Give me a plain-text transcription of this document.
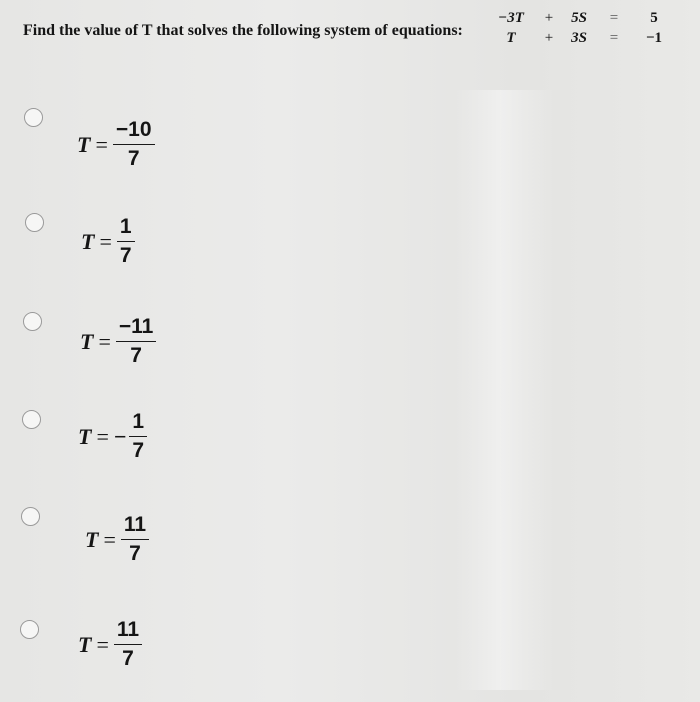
Find the value of T that solves the following system of equations:
−3T	+	5S	=	5
T	+	3S	=	−1
$T = \frac{-10}{7}$
$T = \frac{1}{7}$
$T = \frac{-11}{7}$
T = − $\frac{1}{7}$
$T = \frac{11}{7}$
$T = \frac{11}{7}$
